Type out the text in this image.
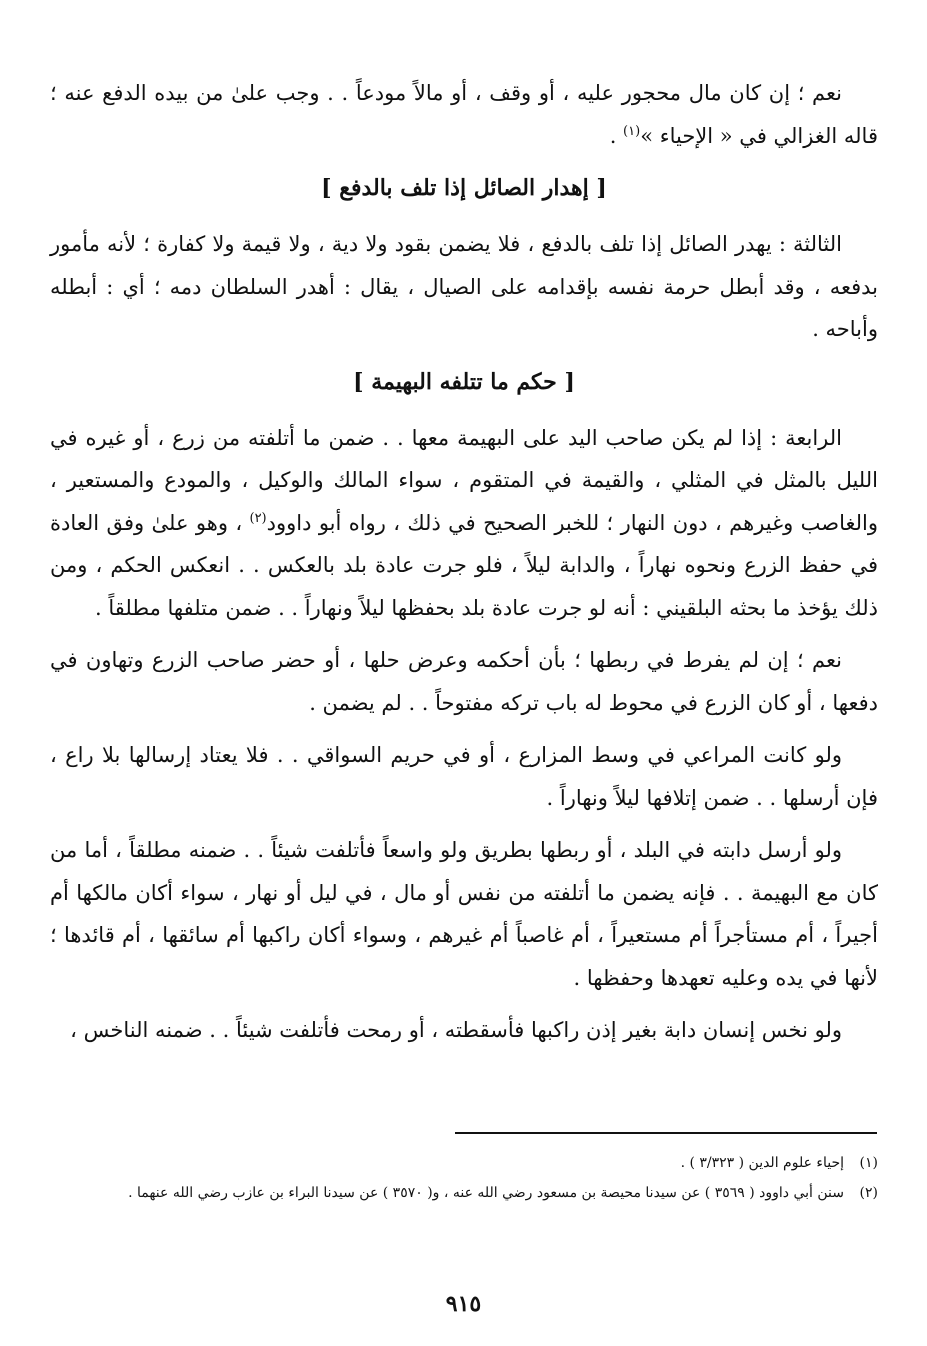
نعم ؛ إن كان مال محجور عليه ، أو وقف ، أو مالاً مودعاً . . وجب علىٰ من بيده الدفع عنه ؛ قاله الغزالي في « الإحياء »$^{(١)}$ .

[ إهدار الصائل إذا تلف بالدفع ]

الثالثة : يهدر الصائل إذا تلف بالدفع ، فلا يضمن بقود ولا دية ، ولا قيمة ولا كفارة ؛ لأنه مأمور بدفعه ، وقد أبطل حرمة نفسه بإقدامه على الصيال ، يقال : أهدر السلطان دمه ؛ أي : أبطله وأباحه .

[ حكم ما تتلفه البهيمة ]

الرابعة : إذا لم يكن صاحب اليد على البهيمة معها . . ضمن ما أتلفته من زرع ، أو غيره في الليل بالمثل في المثلي ، والقيمة في المتقوم ، سواء المالك والوكيل ، والمودع والمستعير ، والغاصب وغيرهم ، دون النهار ؛ للخبر الصحيح في ذلك ، رواه أبو داوود$^{(٢)}$ ، وهو علىٰ وفق العادة في حفظ الزرع ونحوه نهاراً ، والدابة ليلاً ، فلو جرت عادة بلد بالعكس . . انعكس الحكم ، ومن ذلك يؤخذ ما بحثه البلقيني : أنه لو جرت عادة بلد بحفظها ليلاً ونهاراً . . ضمن متلفها مطلقاً .

نعم ؛ إن لم يفرط في ربطها ؛ بأن أحكمه وعرض حلها ، أو حضر صاحب الزرع وتهاون في دفعها ، أو كان الزرع في محوط له باب تركه مفتوحاً . . لم يضمن .

ولو كانت المراعي في وسط المزارع ، أو في حريم السواقي . . فلا يعتاد إرسالها بلا راع ، فإن أرسلها . . ضمن إتلافها ليلاً ونهاراً .

ولو أرسل دابته في البلد ، أو ربطها بطريق ولو واسعاً فأتلفت شيئاً . . ضمنه مطلقاً ، أما من كان مع البهيمة . . فإنه يضمن ما أتلفته من نفس أو مال ، في ليل أو نهار ، سواء أكان مالكها أم أجيراً ، أم مستأجراً أم مستعيراً ، أم غاصباً أم غيرهم ، وسواء أكان راكبها أم سائقها ، أم قائدها ؛ لأنها في يده وعليه تعهدها وحفظها .

ولو نخس إنسان دابة بغير إذن راكبها فأسقطته ، أو رمحت فأتلفت شيئاً . . ضمنه الناخس ،

(١)
إحياء علوم الدين ( ٣/٣٢٣ ) .
(٢)
سنن أبي داوود ( ٣٥٦٩ ) عن سيدنا محيصة بن مسعود رضي الله عنه ، و( ٣٥٧٠ ) عن سيدنا البراء بن عازب رضي الله عنهما .
٩١٥
